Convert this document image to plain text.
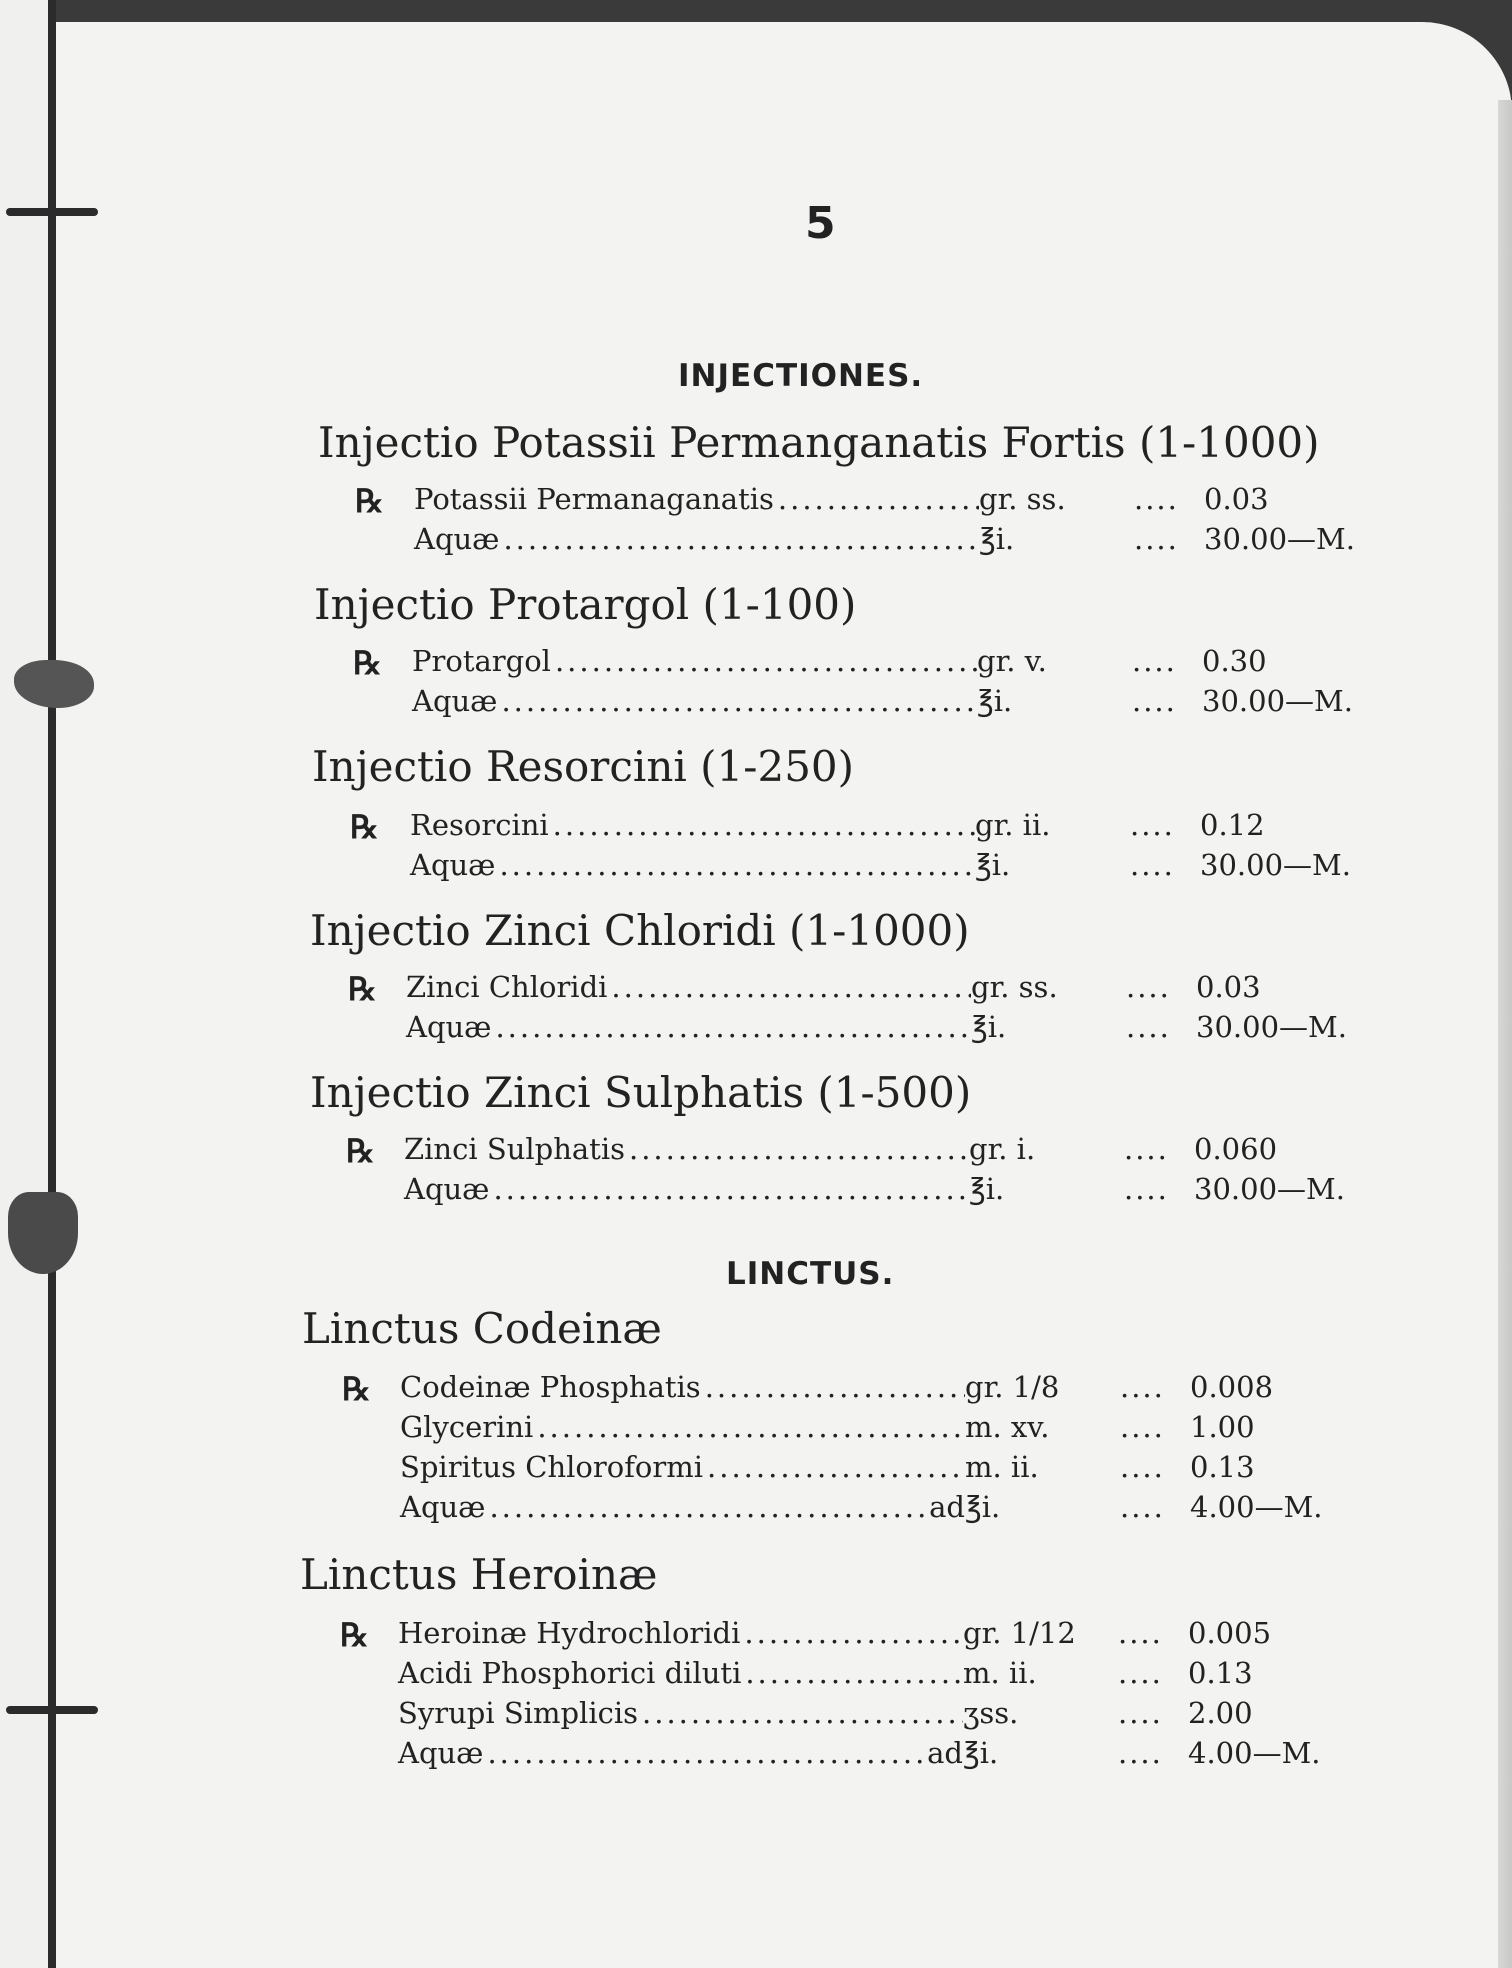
5
INJECTIONES.
Injectio Potassii Permanganatis Fortis (1-1000)
℞ Potassii Permanaganatis .....	gr. ss.	.... 0.03
Aquæ .....	℥i.	.... 30.00—M.
Injectio Protargol (1-100)
℞ Protargol .....	gr. v.	.... 0.30
Aquæ .....	℥i.	.... 30.00—M.
Injectio Resorcini (1-250)
℞ Resorcini .....	gr. ii.	.... 0.12
Aquæ .....	℥i.	.... 30.00—M.
Injectio Zinci Chloridi (1-1000)
℞ Zinci Chloridi .....	gr. ss.	.... 0.03
Aquæ .....	℥i.	.... 30.00—M.
Injectio Zinci Sulphatis (1-500)
℞ Zinci Sulphatis .....	gr. i.	.... 0.060
Aquæ .....	℥i.	.... 30.00—M.
LINCTUS.
Linctus Codeinæ
℞ Codeinæ Phosphatis .....	gr. 1/8	.... 0.008
Glycerini .....	m. xv.	.... 1.00
Spiritus Chloroformi .....	m. ii.	.... 0.13
Aquæ .....	ad ℥i.	.... 4.00—M.
Linctus Heroinæ
℞ Heroinæ Hydrochloridi .....	gr. 1/12	.... 0.005
Acidi Phosphorici diluti .....	m. ii.	.... 0.13
Syrupi Simplicis .....	ʒss.	.... 2.00
Aquæ .....	ad ℥i.	.... 4.00—M.
